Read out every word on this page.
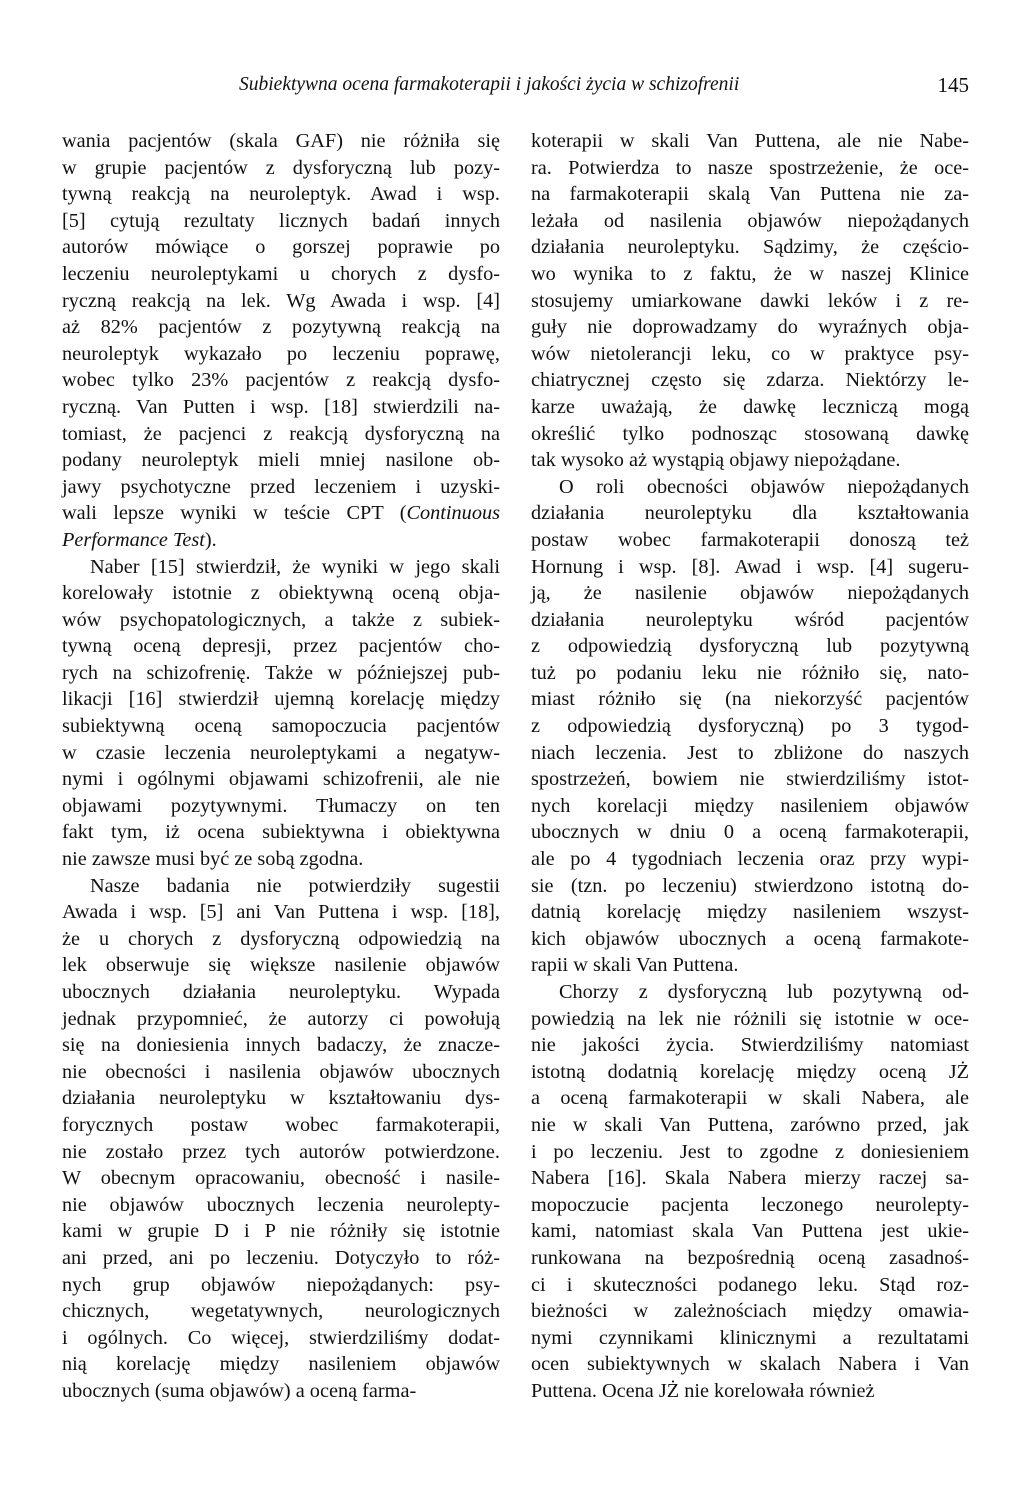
Subiektywna ocena farmakoterapii i jakości życia w schizofrenii	145
wania pacjentów (skala GAF) nie różniła się
w grupie pacjentów z dysforyczną lub pozy-
tywną reakcją na neuroleptyk. Awad i wsp.
[5] cytują rezultaty licznych badań innych
autorów mówiące o gorszej poprawie po
leczeniu neuroleptykami u chorych z dysfo-
ryczną reakcją na lek. Wg Awada i wsp. [4]
aż 82% pacjentów z pozytywną reakcją na
neuroleptyk wykazało po leczeniu poprawę,
wobec tylko 23% pacjentów z reakcją dysfo-
ryczną. Van Putten i wsp. [18] stwierdzili na-
tomiast, że pacjenci z reakcją dysforyczną na
podany neuroleptyk mieli mniej nasilone ob-
jawy psychotyczne przed leczeniem i uzyski-
wali lepsze wyniki w teście CPT (Continuous
Performance Test).
Naber [15] stwierdził, że wyniki w jego skali
korelowały istotnie z obiektywną oceną obja-
wów psychopatologicznych, a także z subiek-
tywną oceną depresji, przez pacjentów cho-
rych na schizofrenię. Także w późniejszej pub-
likacji [16] stwierdził ujemną korelację między
subiektywną oceną samopoczucia pacjentów
w czasie leczenia neuroleptykami a negatyw-
nymi i ogólnymi objawami schizofrenii, ale nie
objawami pozytywnymi. Tłumaczy on ten
fakt tym, iż ocena subiektywna i obiektywna
nie zawsze musi być ze sobą zgodna.
Nasze badania nie potwierdziły sugestii
Awada i wsp. [5] ani Van Puttena i wsp. [18],
że u chorych z dysforyczną odpowiedzią na
lek obserwuje się większe nasilenie objawów
ubocznych działania neuroleptyku. Wypada
jednak przypomnieć, że autorzy ci powołują
się na doniesienia innych badaczy, że znacze-
nie obecności i nasilenia objawów ubocznych
działania neuroleptyku w kształtowaniu dys-
forycznych postaw wobec farmakoterapii,
nie zostało przez tych autorów potwierdzone.
W obecnym opracowaniu, obecność i nasile-
nie objawów ubocznych leczenia neurolepty-
kami w grupie D i P nie różniły się istotnie
ani przed, ani po leczeniu. Dotyczyło to róż-
nych grup objawów niepożądanych: psy-
chicznych, wegetatywnych, neurologicznych
i ogólnych. Co więcej, stwierdziliśmy dodat-
nią korelację między nasileniem objawów
ubocznych (suma objawów) a oceną farma-
koterapii w skali Van Puttena, ale nie Nabe-
ra. Potwierdza to nasze spostrzeżenie, że oce-
na farmakoterapii skalą Van Puttena nie za-
leżała od nasilenia objawów niepożądanych
działania neuroleptyku. Sądzimy, że częścio-
wo wynika to z faktu, że w naszej Klinice
stosujemy umiarkowane dawki leków i z re-
guły nie doprowadzamy do wyraźnych obja-
wów nietolerancji leku, co w praktyce psy-
chiatrycznej często się zdarza. Niektórzy le-
karze uważają, że dawkę leczniczą mogą
określić tylko podnosząc stosowaną dawkę
tak wysoko aż wystąpią objawy niepożądane.
O roli obecności objawów niepożądanych
działania neuroleptyku dla kształtowania
postaw wobec farmakoterapii donoszą też
Hornung i wsp. [8]. Awad i wsp. [4] sugeru-
ją, że nasilenie objawów niepożądanych
działania neuroleptyku wśród pacjentów
z odpowiedzią dysforyczną lub pozytywną
tuż po podaniu leku nie różniło się, nato-
miast różniło się (na niekorzyść pacjentów
z odpowiedzią dysforyczną) po 3 tygod-
niach leczenia. Jest to zbliżone do naszych
spostrzeżeń, bowiem nie stwierdziliśmy istot-
nych korelacji między nasileniem objawów
ubocznych w dniu 0 a oceną farmakoterapii,
ale po 4 tygodniach leczenia oraz przy wypi-
sie (tzn. po leczeniu) stwierdzono istotną do-
datnią korelację między nasileniem wszyst-
kich objawów ubocznych a oceną farmakote-
rapii w skali Van Puttena.
Chorzy z dysforyczną lub pozytywną od-
powiedzią na lek nie różnili się istotnie w oce-
nie jakości życia. Stwierdziliśmy natomiast
istotną dodatnią korelację między oceną JŻ
a oceną farmakoterapii w skali Nabera, ale
nie w skali Van Puttena, zarówno przed, jak
i po leczeniu. Jest to zgodne z doniesieniem
Nabera [16]. Skala Nabera mierzy raczej sa-
mopoczucie pacjenta leczonego neurolepty-
kami, natomiast skala Van Puttena jest ukie-
runkowana na bezpośrednią oceną zasadnoś-
ci i skuteczności podanego leku. Stąd roz-
bieżności w zależnościach między omawia-
nymi czynnikami klinicznymi a rezultatami
ocen subiektywnych w skalach Nabera i Van
Puttena. Ocena JŻ nie korelowała również
